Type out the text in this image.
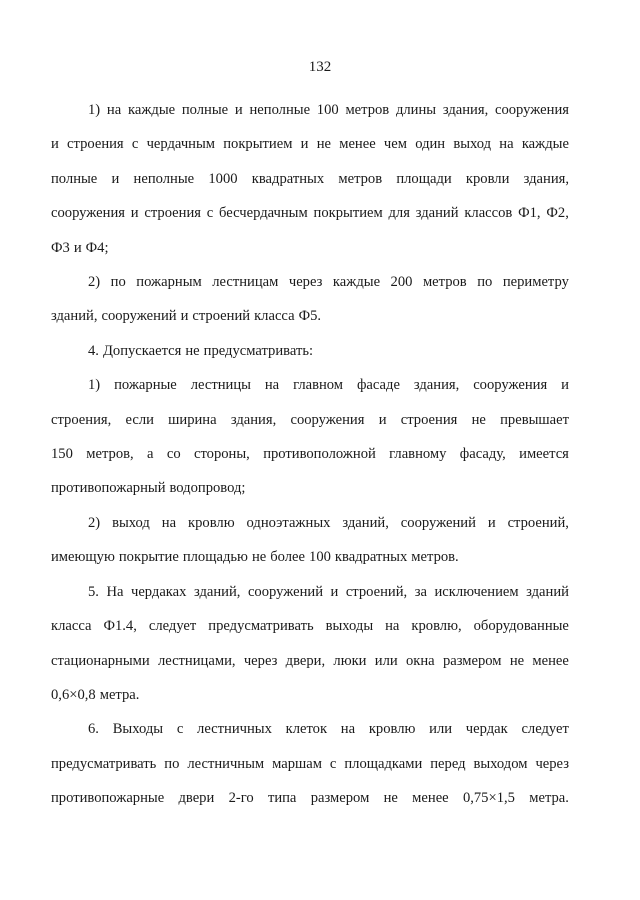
132
1) на каждые полные и неполные 100 метров длины здания, сооружения
и строения с чердачным покрытием и не менее чем один выход на каждые
полные и неполные 1000 квадратных метров площади кровли здания,
сооружения и строения с бесчердачным покрытием для зданий классов Ф1, Ф2,
Ф3 и Ф4;
2) по пожарным лестницам через каждые 200 метров по периметру
зданий, сооружений и строений класса Ф5.
4. Допускается не предусматривать:
1) пожарные лестницы на главном фасаде здания, сооружения и
строения, если ширина здания, сооружения и строения не превышает
150 метров, а со стороны, противоположной главному фасаду, имеется
противопожарный водопровод;
2) выход на кровлю одноэтажных зданий, сооружений и строений,
имеющую покрытие площадью не более 100 квадратных метров.
5. На чердаках зданий, сооружений и строений, за исключением зданий
класса Ф1.4, следует предусматривать выходы на кровлю, оборудованные
стационарными лестницами, через двери, люки или окна размером не менее
0,6×0,8 метра.
6. Выходы с лестничных клеток на кровлю или чердак следует
предусматривать по лестничным маршам с площадками перед выходом через
противопожарные двери 2-го типа размером не менее 0,75×1,5 метра.
